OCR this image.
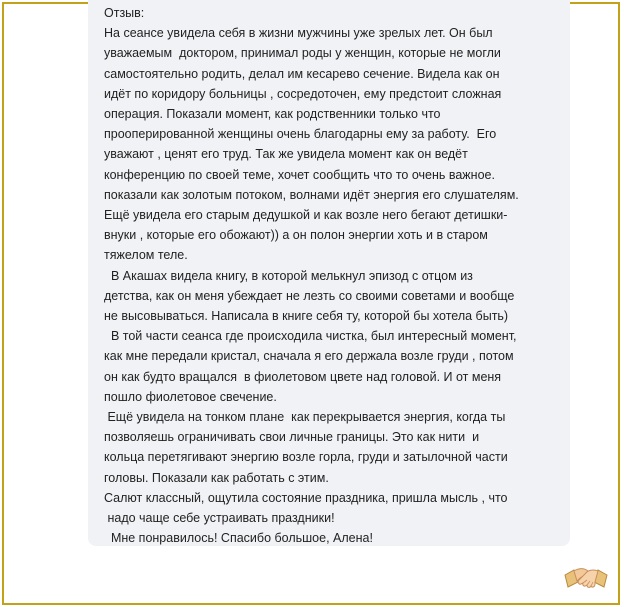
Отзыв:
На сеансе увидела себя в жизни мужчины уже зрелых лет. Он был
уважаемым  доктором, принимал роды у женщин, которые не могли
самостоятельно родить, делал им кесарево сечение. Видела как он
идёт по коридору больницы , сосредоточен, ему предстоит сложная
операция. Показали момент, как родственники только что
прооперированной женщины очень благодарны ему за работу.  Его
уважают , ценят его труд. Так же увидела момент как он ведёт
конференцию по своей теме, хочет сообщить что то очень важное.
показали как золотым потоком, волнами идёт энергия его слушателям.
Ещё увидела его старым дедушкой и как возле него бегают детишки-
внуки , которые его обожают)) а он полон энергии хоть и в старом
тяжелом теле.
В Акашах видела книгу, в которой мелькнул эпизод с отцом из
детства, как он меня убеждает не лезть со своими советами и вообще
не высовываться. Написала в книге себя ту, которой бы хотела быть)
В той части сеанса где происходила чистка, был интересный момент,
как мне передали кристал, сначала я его держала возле груди , потом
он как будто вращался  в фиолетовом цвете над головой. И от меня
пошло фиолетовое свечение.
Ещё увидела на тонком плане  как перекрывается энергия, когда ты
позволяешь ограничивать свои личные границы. Это как нити  и
кольца перетягивают энергию возле горла, груди и затылочной части
головы. Показали как работать с этим.
Салют классный, ощутила состояние праздника, пришла мысль , что
надо чаще себе устраивать праздники!
Мне понравилось! Спасибо большое, Алена!
